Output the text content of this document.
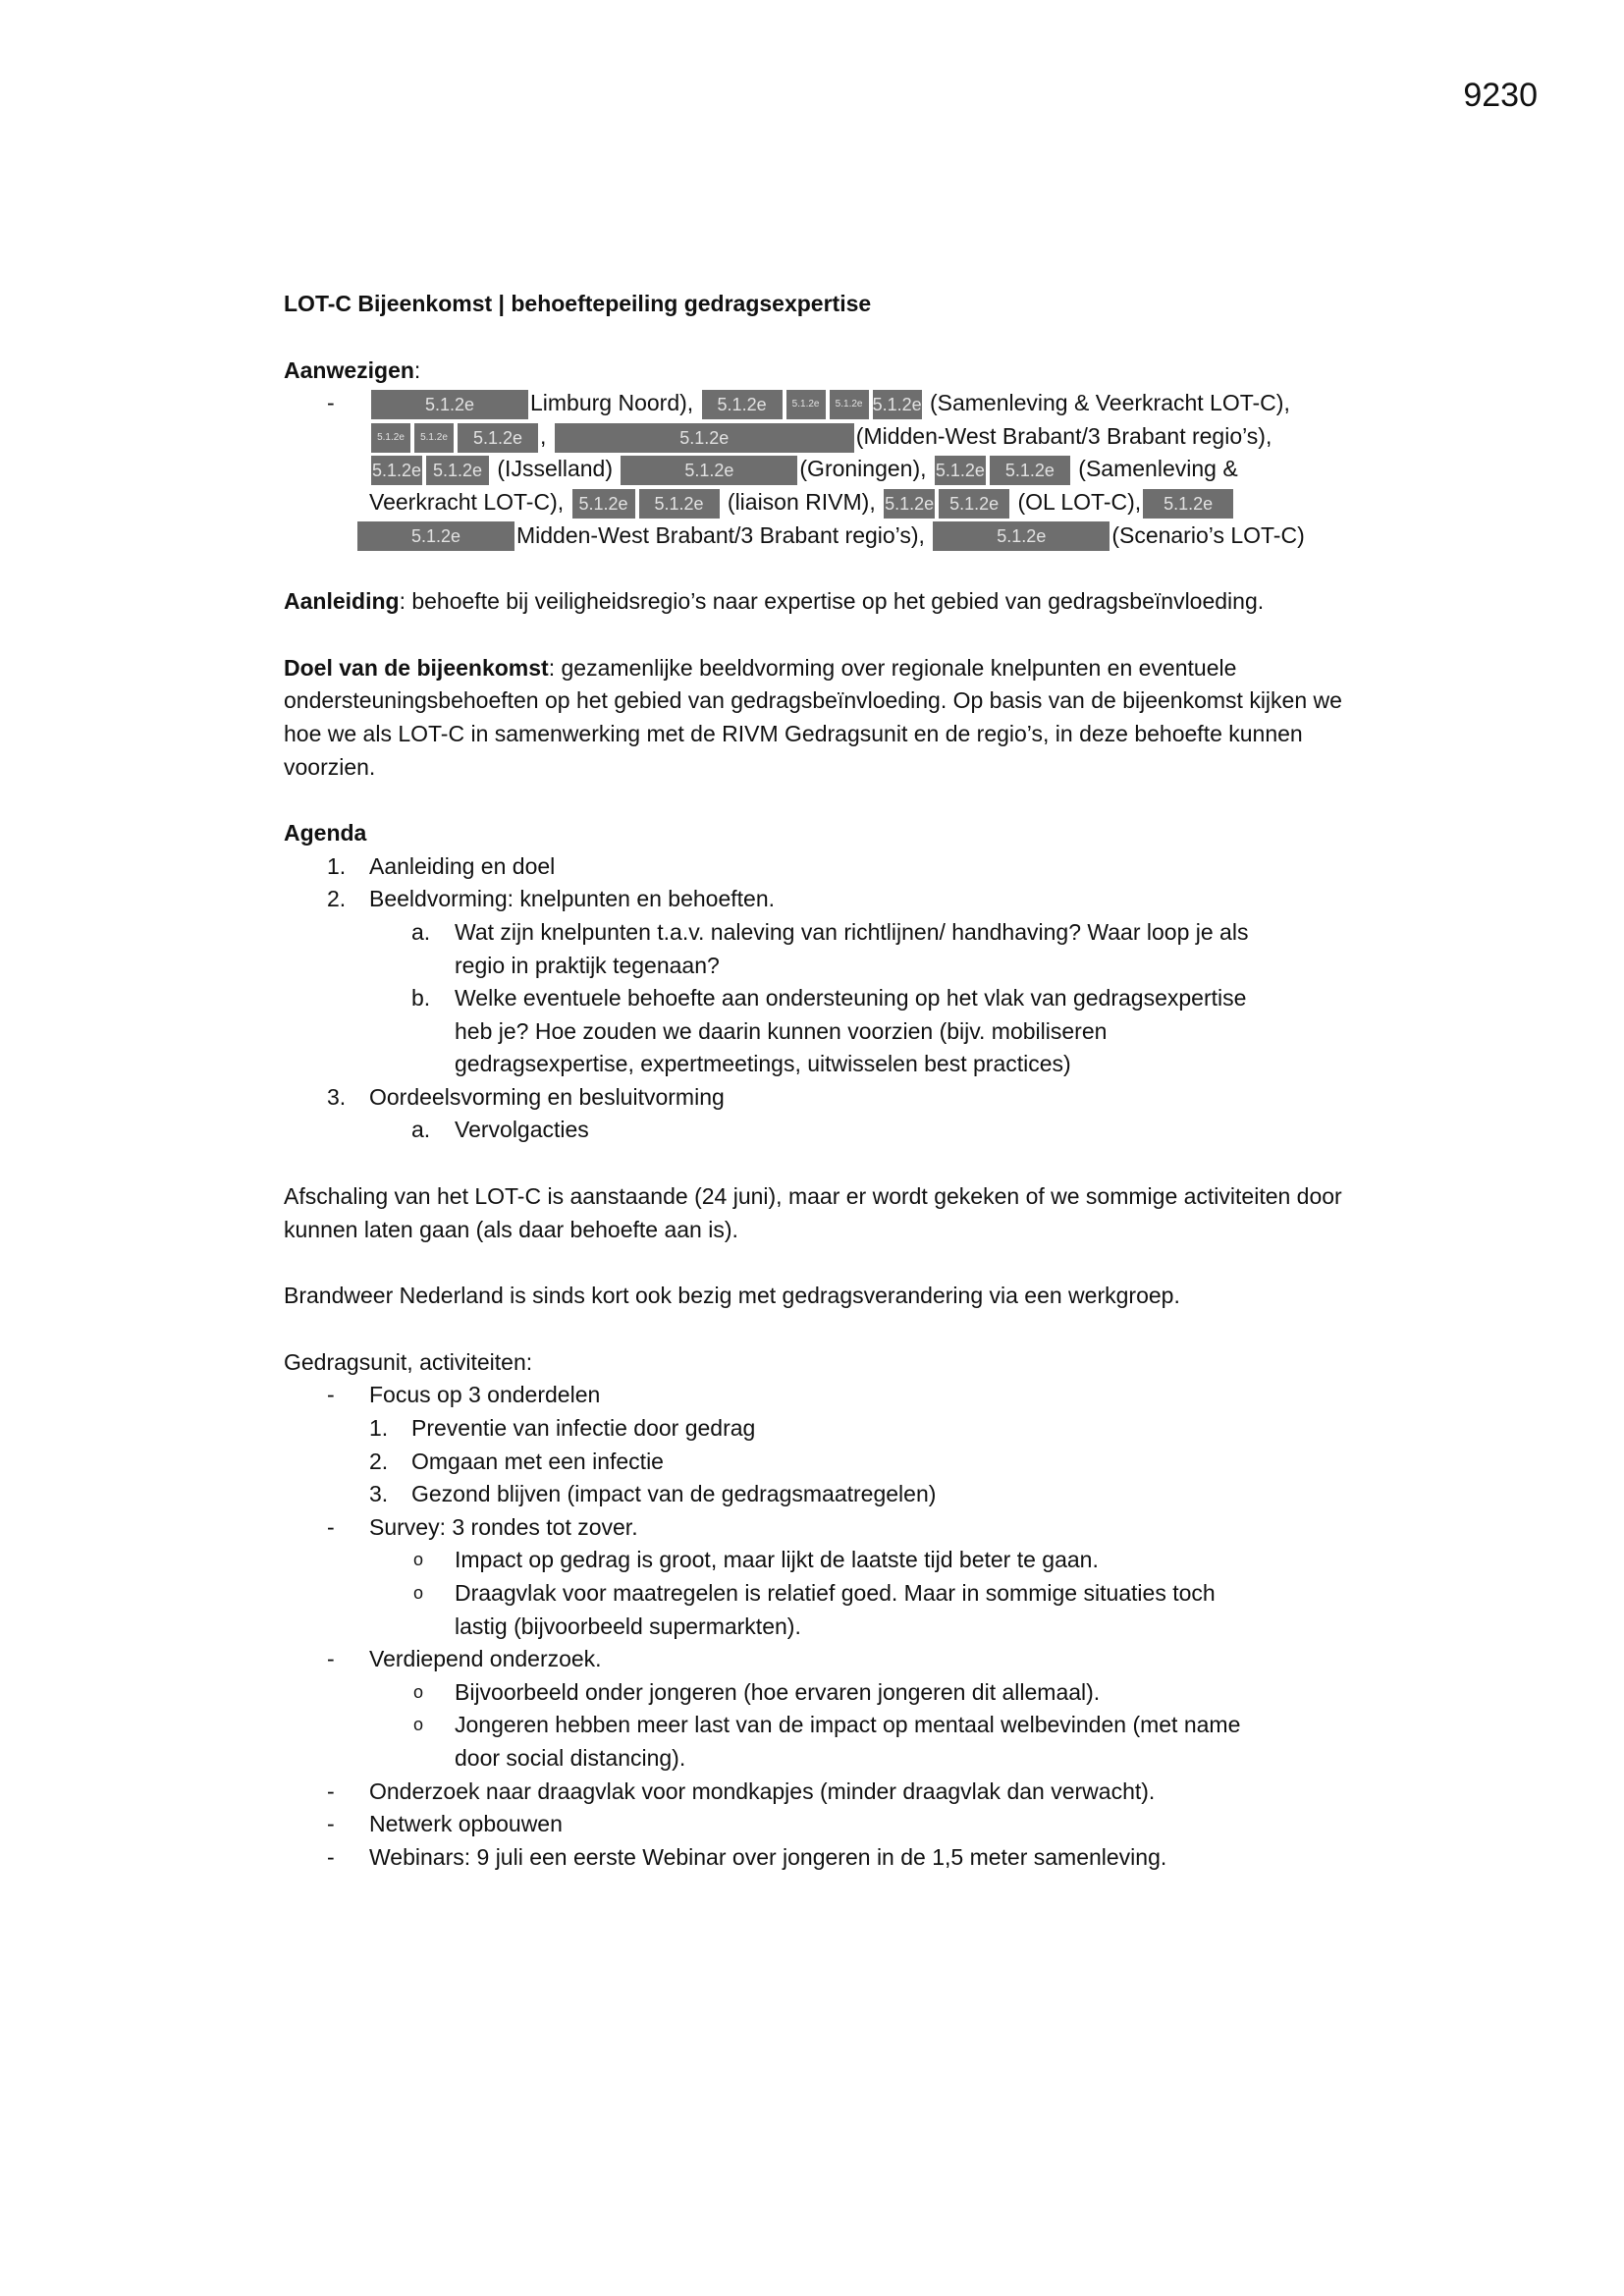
9230
LOT-C Bijeenkomst | behoeftepeiling gedragsexpertise
Aanwezigen:
-	5.1.2e Limburg Noord), 5.1.2e	5.1.2e 5.1.2e 5.1.2e (Samenleving & Veerkracht LOT-C),
5.1.2e 5.1.2e 5.1.2e ,	5.1.2e	(Midden-West Brabant/3 Brabant regio’s),
5.1.2e 5.1.2e (IJsselland)	5.1.2e	(Groningen), 5.1.2e 5.1.2e (Samenleving &
Veerkracht LOT-C), 5.1.2e 5.1.2e (liaison RIVM), 5.1.2e 5.1.2e (OL LOT-C), 5.1.2e
5.1.2e Midden-West Brabant/3 Brabant regio’s),	5.1.2e	(Scenario’s LOT-C)

Aanleiding: behoefte bij veiligheidsregio’s naar expertise op het gebied van gedragsbeïnvloeding.

Doel van de bijeenkomst: gezamenlijke beeldvorming over regionale knelpunten en eventuele ondersteuningsbehoeften op het gebied van gedragsbeïnvloeding. Op basis van de bijeenkomst kijken we hoe we als LOT-C in samenwerking met de RIVM Gedragsunit en de regio’s, in deze behoefte kunnen voorzien.

Agenda
1. Aanleiding en doel
2. Beeldvorming: knelpunten en behoeften.
a. Wat zijn knelpunten t.a.v. naleving van richtlijnen/ handhaving? Waar loop je als regio in praktijk tegenaan?
b. Welke eventuele behoefte aan ondersteuning op het vlak van gedragsexpertise heb je? Hoe zouden we daarin kunnen voorzien (bijv. mobiliseren gedragsexpertise, expertmeetings, uitwisselen best practices)
3. Oordeelsvorming en besluitvorming
a. Vervolgacties

Afschaling van het LOT-C is aanstaande (24 juni), maar er wordt gekeken of we sommige activiteiten door kunnen laten gaan (als daar behoefte aan is).

Brandweer Nederland is sinds kort ook bezig met gedragsverandering via een werkgroep.

Gedragsunit, activiteiten:
- Focus op 3 onderdelen
1. Preventie van infectie door gedrag
2. Omgaan met een infectie
3. Gezond blijven (impact van de gedragsmaatregelen)
- Survey: 3 rondes tot zover.
o Impact op gedrag is groot, maar lijkt de laatste tijd beter te gaan.
o Draagvlak voor maatregelen is relatief goed. Maar in sommige situaties toch lastig (bijvoorbeeld supermarkten).
- Verdiepend onderzoek.
o Bijvoorbeeld onder jongeren (hoe ervaren jongeren dit allemaal).
o Jongeren hebben meer last van de impact op mentaal welbevinden (met name door social distancing).
- Onderzoek naar draagvlak voor mondkapjes (minder draagvlak dan verwacht).
- Netwerk opbouwen
- Webinars: 9 juli een eerste Webinar over jongeren in de 1,5 meter samenleving.
